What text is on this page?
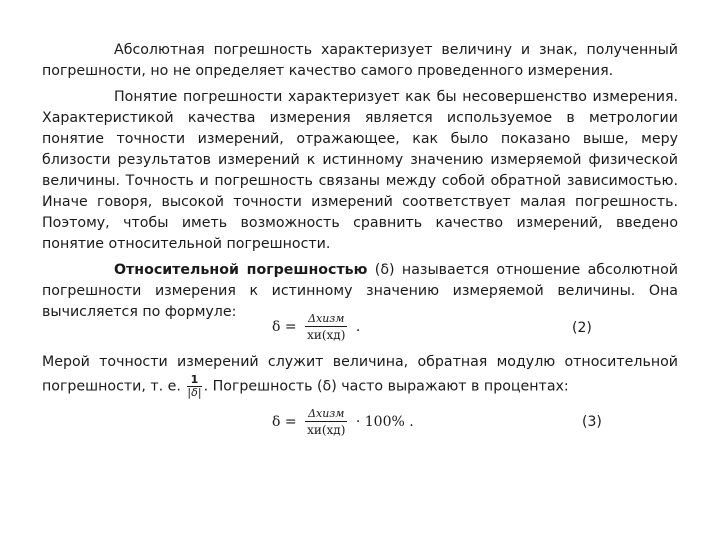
Абсолютная погрешность характеризует величину и знак, полученный погрешности, но не определяет качество самого проведенного измерения.

Понятие погрешности характеризует как бы несовершенство измерения. Характеристикой качества измерения является используемое в метрологии понятие точности измерений, отражающее, как было показано выше, меру близости результатов измерений к истинному значению измеряемой физической величины. Точность и погрешность связаны между собой обратной зависимостью. Иначе говоря, высокой точности измерений соответствует малая погрешность. Поэтому, чтобы иметь возможность сравнить качество измерений, введено понятие относительной погрешности.

Относительной погрешностью (δ) называется отношение абсолютной погрешности измерения к истинному значению измеряемой величины. Она вычисляется по формуле:

$\delta = \frac{\text{Δxизм}}{xи(xд)}$ .	(2)

Мерой точности измерений служит величина, обратная модулю относительной погрешности, т. е. $\frac{1}{|\delta|}$ . Погрешность (δ) часто выражают в процентах:

$\delta = \frac{\text{Δxизм}}{xи(xд)} \cdot 100\%$ .	(3)
